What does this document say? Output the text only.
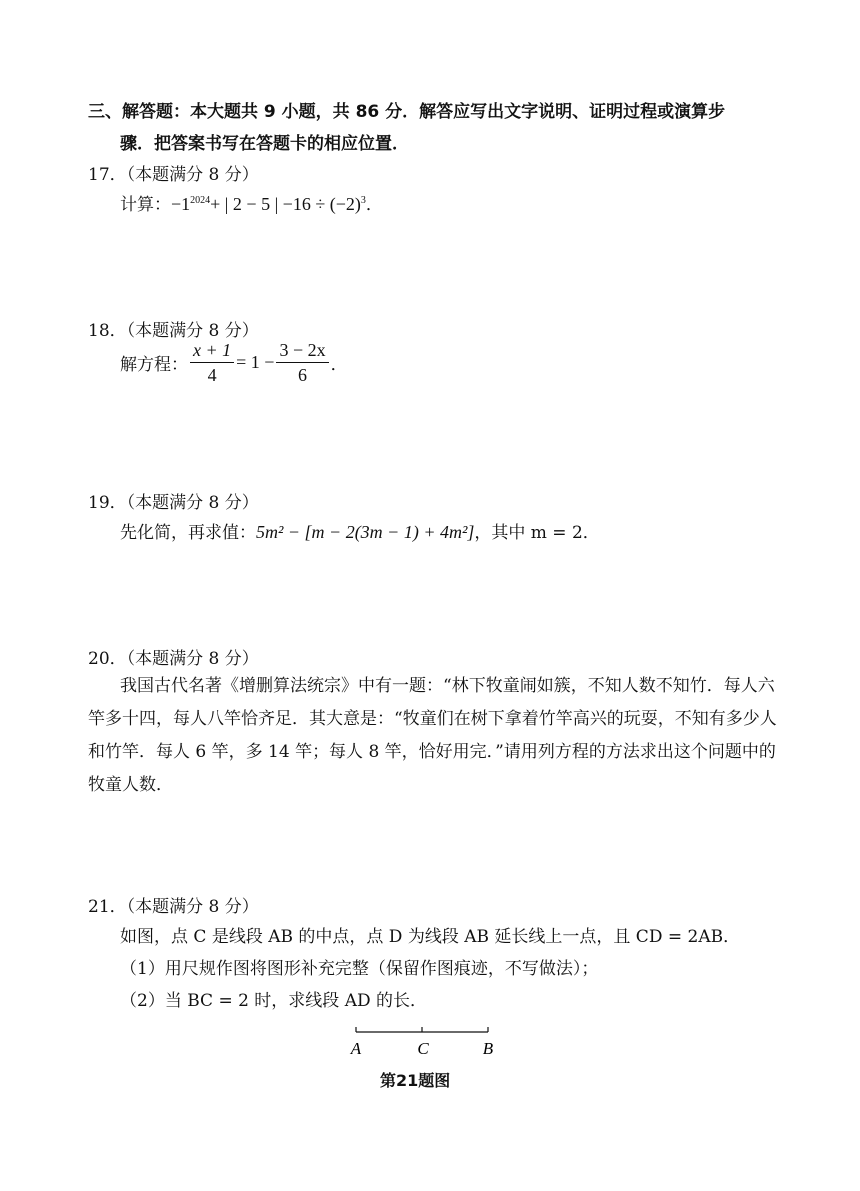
三、解答题：本大题共 9 小题，共 86 分．解答应写出文字说明、证明过程或演算步
骤．把答案书写在答题卡的相应位置．
17．（本题满分 8 分）
计算：$-1^{2024}+$ | 2 − 5 | $-16 \div (-2)^3$．
18．（本题满分 8 分）
解方程： $\frac{x + 1}{4} = 1 - \frac{3 - 2x}{6}$ ．
19．（本题满分 8 分）
先化简，再求值：5m² − [m − 2(3m − 1) + 4m²]，其中 m = 2．
20．（本题满分 8 分）
我国古代名著《增删算法统宗》中有一题：“林下牧童闹如簇，不知人数不知竹．每人六竿多十四，每人八竿恰齐足．其大意是：“牧童们在树下拿着竹竿高兴的玩耍，不知有多少人和竹竿．每人 6 竿，多 14 竿；每人 8 竿，恰好用完．”请用列方程的方法求出这个问题中的牧童人数．
21．（本题满分 8 分）
如图，点 C 是线段 AB 的中点，点 D 为线段 AB 延长线上一点，且 CD = 2AB．
（1）用尺规作图将图形补充完整（保留作图痕迹，不写做法）；
（2）当 BC = 2 时，求线段 AD 的长．
A	C	B
第21题图
